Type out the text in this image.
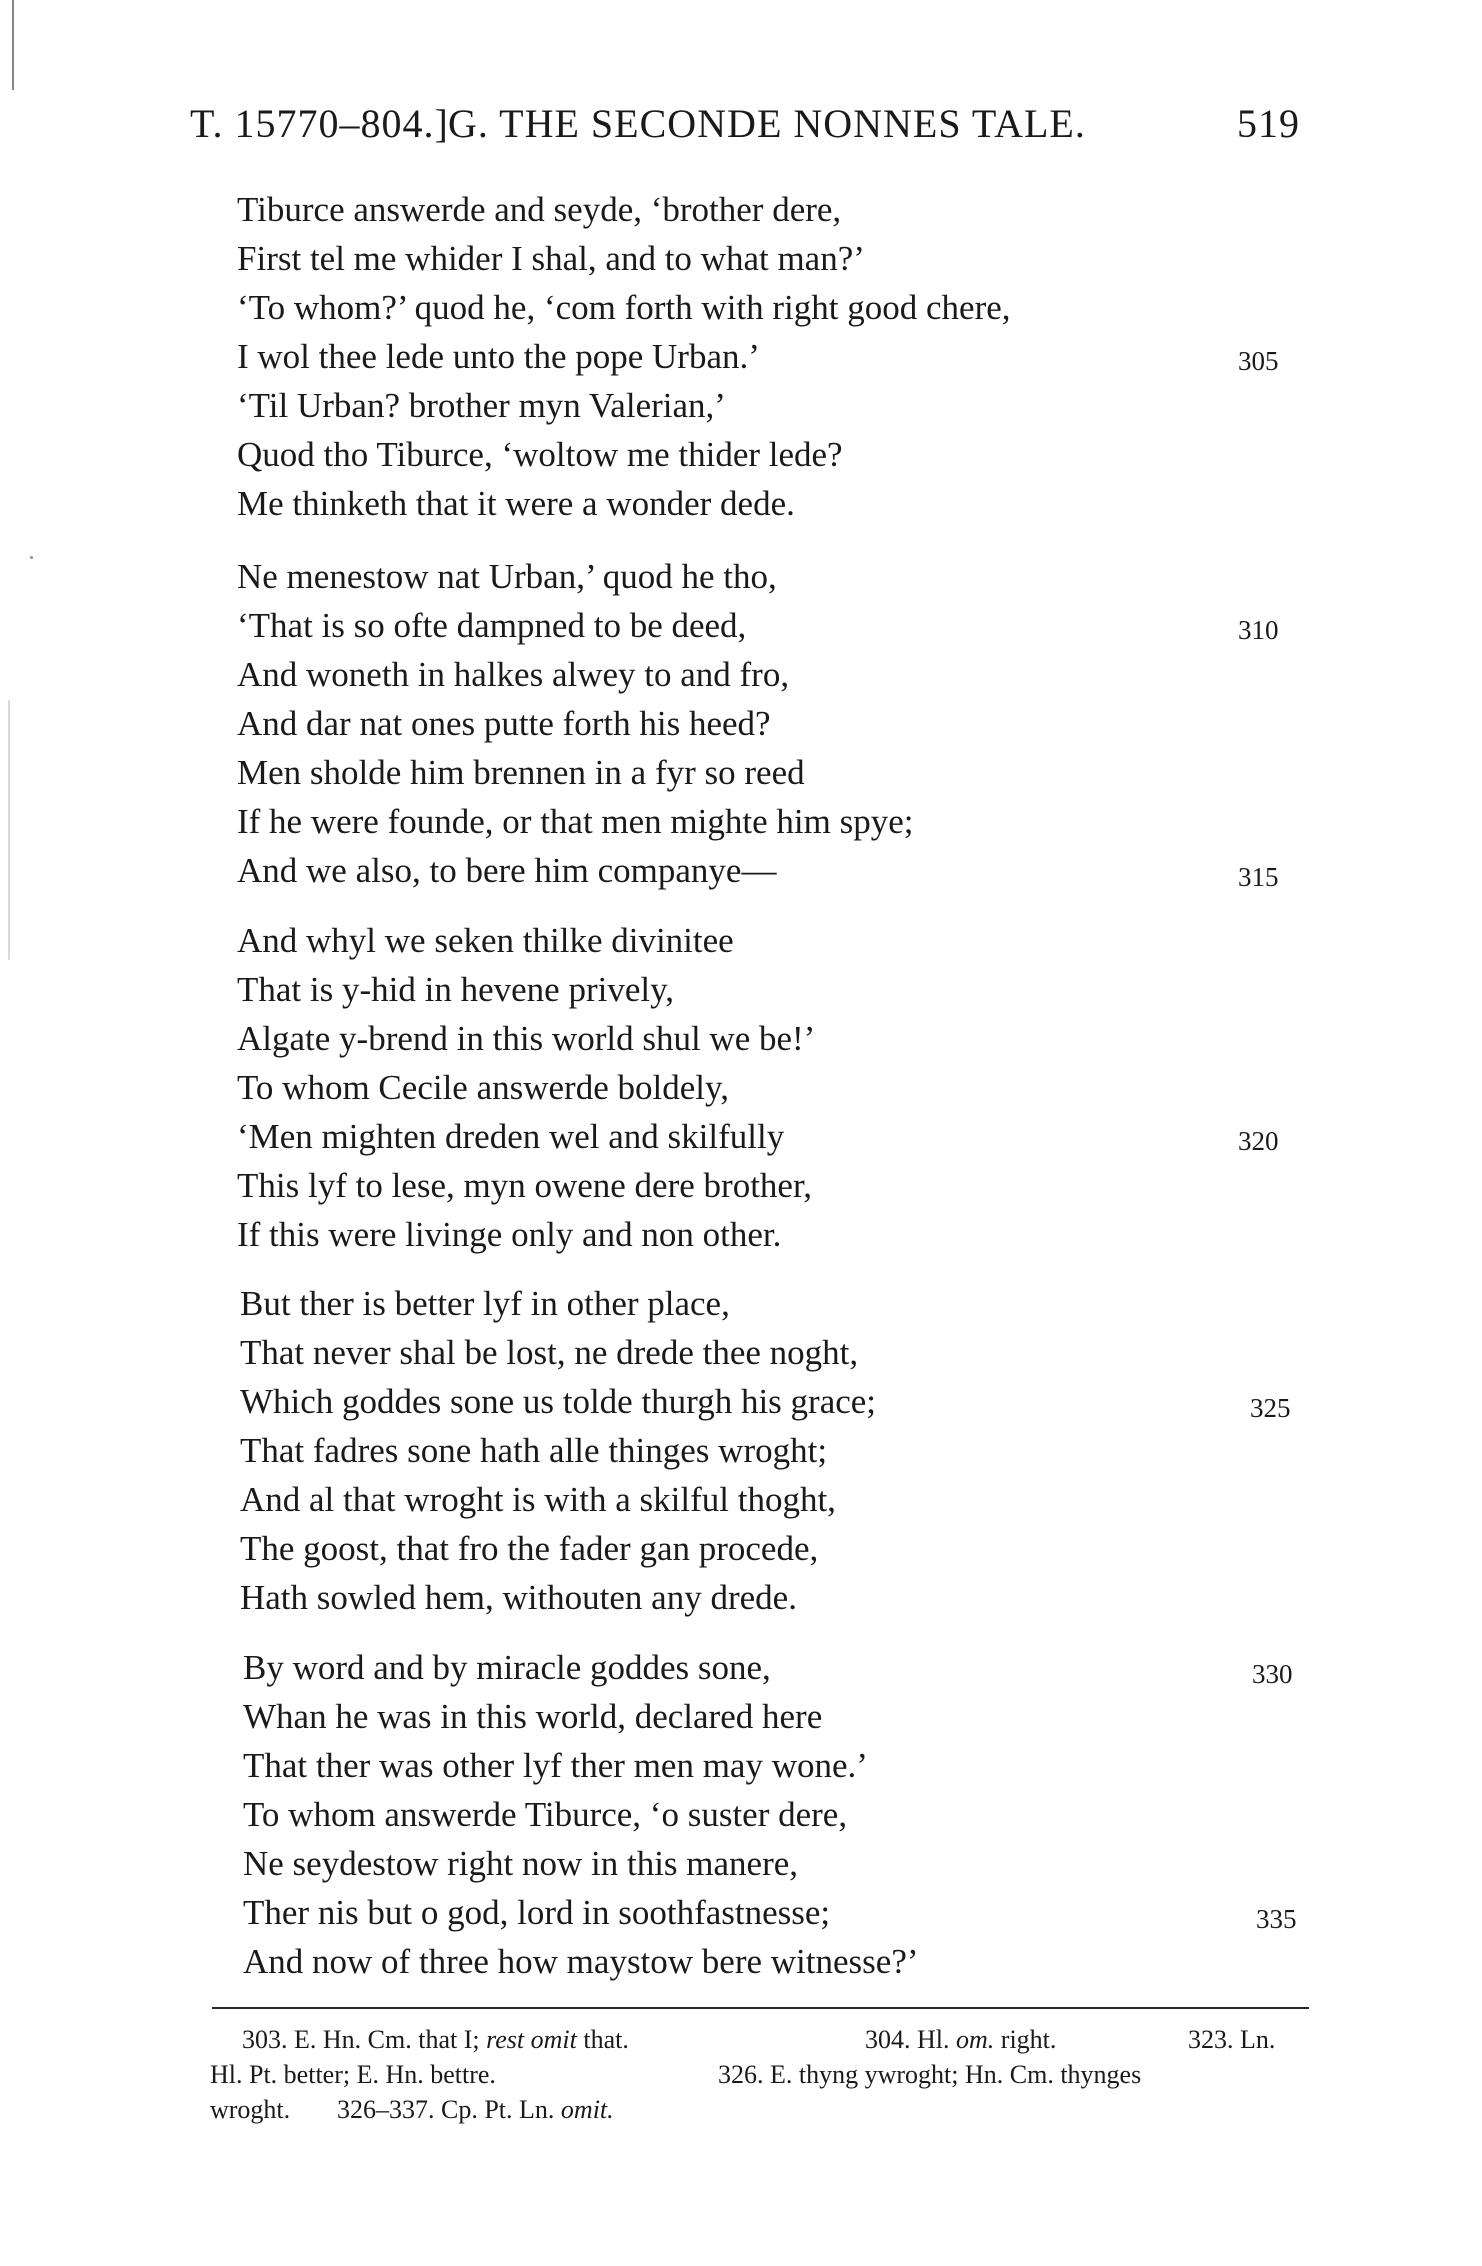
T. 15770–804.] G. THE SECONDE NONNES TALE.	519
Tiburce answerde and seyde, ‘brother dere,
First tel me whider I shal, and to what man?’
‘To whom?’ quod he, ‘com forth with right good chere,
I wol thee lede unto the pope Urban.’	305
‘Til Urban? brother myn Valerian,’
Quod tho Tiburce, ‘woltow me thider lede?
Me thinketh that it were a wonder dede.
Ne menestow nat Urban,’ quod he tho,
‘That is so ofte dampned to be deed,	310
And woneth in halkes alwey to and fro,
And dar nat ones putte forth his heed?
Men sholde him brennen in a fyr so reed
If he were founde, or that men mighte him spye;
And we also, to bere him companye—	315
And whyl we seken thilke divinitee
That is y-hid in hevene prively,
Algate y-brend in this world shul we be!’
To whom Cecile answerde boldely,
‘Men mighten dreden wel and skilfully	320
This lyf to lese, myn owene dere brother,
If this were livinge only and non other.
But ther is better lyf in other place,
That never shal be lost, ne drede thee noght,
Which goddes sone us tolde thurgh his grace;	325
That fadres sone hath alle thinges wroght;
And al that wroght is with a skilful thoght,
The goost, that fro the fader gan procede,
Hath sowled hem, withouten any drede.
By word and by miracle goddes sone,	330
Whan he was in this world, declared here
That ther was other lyf ther men may wone.’
To whom answerde Tiburce, ‘o suster dere,
Ne seydestow right now in this manere,
Ther nis but o god, lord in soothfastnesse;	335
And now of three how maystow bere witnesse?’
303. E. Hn. Cm. that I; rest omit that.	304. Hl. om. right.	323. Ln.
Hl. Pt. better; E. Hn. bettre.	326. E. thyng ywroght; Hn. Cm. thynges
wroght. 326–337. Cp. Pt. Ln. omit.
